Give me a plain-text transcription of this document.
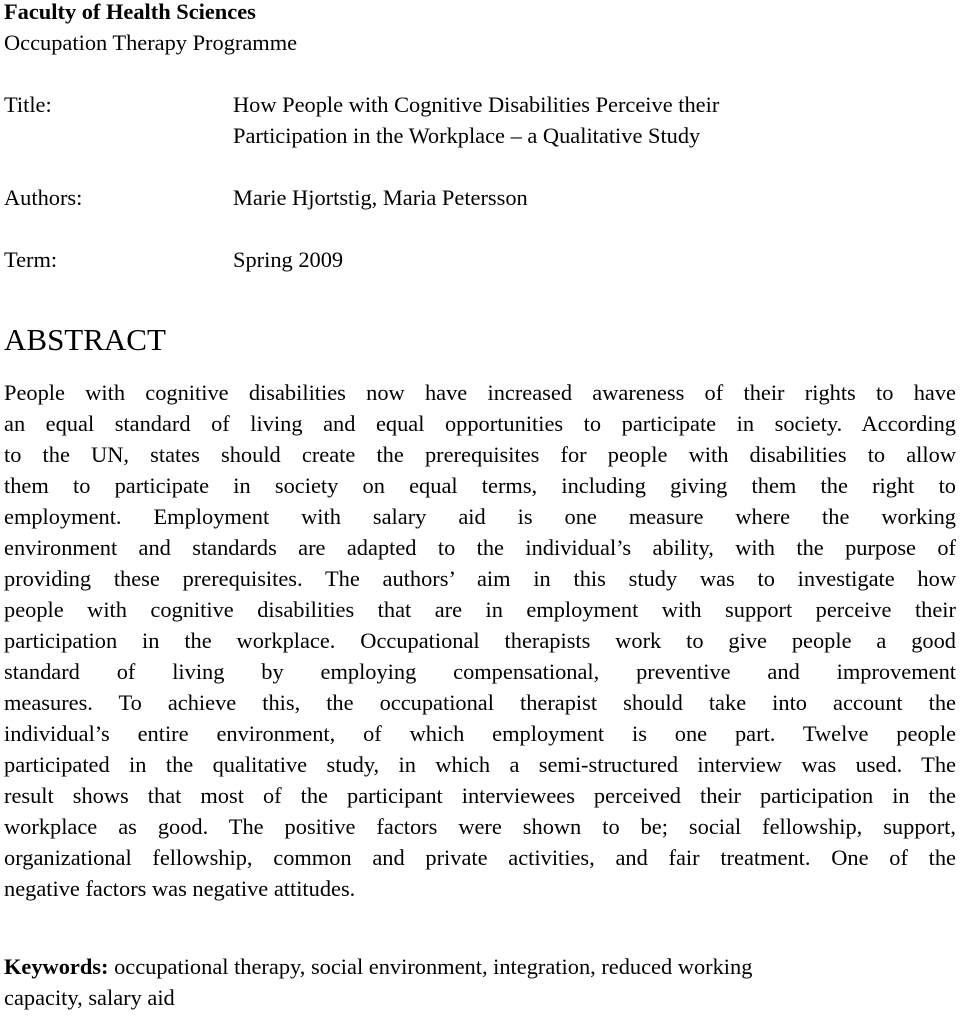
Faculty of Health Sciences
Occupation Therapy Programme
Title:	How People with Cognitive Disabilities Perceive their
Participation in the Workplace – a Qualitative Study
Authors:	Marie Hjortstig, Maria Petersson
Term:	Spring 2009
ABSTRACT
People with cognitive disabilities now have increased awareness of their rights to have
an equal standard of living and equal opportunities to participate in society. According
to the UN, states should create the prerequisites for people with disabilities to allow
them to participate in society on equal terms, including giving them the right to
employment. Employment with salary aid is one measure where the working
environment and standards are adapted to the individual’s ability, with the purpose of
providing these prerequisites. The authors’ aim in this study was to investigate how
people with cognitive disabilities that are in employment with support perceive their
participation in the workplace. Occupational therapists work to give people a good
standard of living by employing compensational, preventive and improvement
measures. To achieve this, the occupational therapist should take into account the
individual’s entire environment, of which employment is one part. Twelve people
participated in the qualitative study, in which a semi-structured interview was used. The
result shows that most of the participant interviewees perceived their participation in the
workplace as good. The positive factors were shown to be; social fellowship, support,
organizational fellowship, common and private activities, and fair treatment. One of the
negative factors was negative attitudes.
Keywords: occupational therapy, social environment, integration, reduced working
capacity, salary aid
